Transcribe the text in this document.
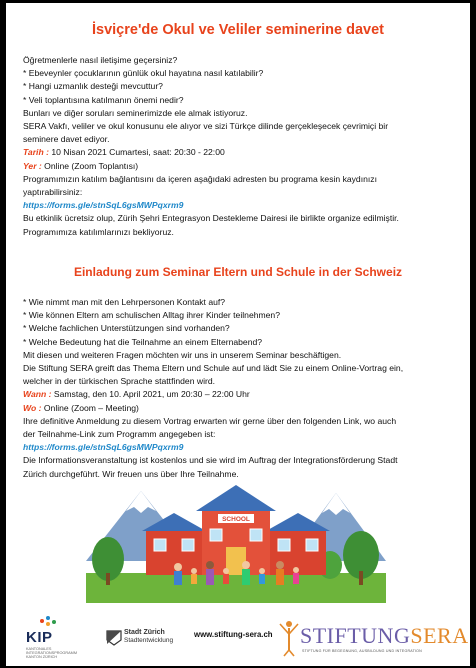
İsviçre'de Okul ve Veliler seminerine davet

Öğretmenlerle nasıl iletişime geçersiniz?

* Ebeveynler çocuklarının günlük okul hayatına nasıl katılabilir?

* Hangi uzmanlık desteği mevcuttur?

* Veli toplantısına katılmanın önemi nedir?

Bunları ve diğer soruları seminerimizde ele almak istiyoruz.

SERA Vakfı, veliler ve okul konusunu ele alıyor ve sizi Türkçe dilinde gerçekleşecek çevrimiçi bir

seminere davet ediyor.

Tarih : 10 Nisan 2021 Cumartesi, saat: 20:30 - 22:00

Yer : Online (Zoom Toplantısı)

Programımızın katılım bağlantısını da içeren aşağıdaki adresten bu programa kesin kaydınızı

yaptırabilirsiniz:

https://forms.gle/stnSqL6gsMWPqxrm9

Bu etkinlik ücretsiz olup, Zürih Şehri Entegrasyon Destekleme Dairesi ile birlikte organize edilmiştir.

Programımıza katılımlarınızı bekliyoruz.

Einladung zum Seminar Eltern und Schule in der Schweiz

* Wie nimmt man mit den Lehrpersonen Kontakt auf?

* Wie können Eltern am schulischen Alltag ihrer Kinder teilnehmen?

* Welche fachlichen Unterstützungen sind vorhanden?

* Welche Bedeutung hat die Teilnahme an einem Elternabend?

Mit diesen und weiteren Fragen möchten wir uns in unserem Seminar beschäftigen.

Die Stiftung SERA greift das Thema Eltern und Schule auf und lädt Sie zu einem Online-Vortrag ein,

welcher in der türkischen Sprache stattfinden wird.

Wann : Samstag, den 10. April 2021, um 20:30 – 22:00 Uhr

Wo : Online (Zoom – Meeting)

Ihre definitive Anmeldung zu diesem Vortrag erwarten wir gerne über den folgenden Link, wo auch

der Teilnahme-Link zum Programm angegeben ist:

https://forms.gle/stnSqL6gsMWPqxrm9

Die Informationsveranstaltung ist kostenlos und sie wird im Auftrag der Integrationsförderung Stadt

Zürich durchgeführt. Wir freuen uns über Ihre Teilnahme.

SCHOOL
KIP
KANTONALES INTEGRATIONSPROGRAMM KANTON ZÜRICH
Stadt Zürich
Stadtentwicklung
www.stiftung-sera.ch STIFTUNGSERA
STIFTUNG FÜR BEGEGNUNG, AUSBILDUNG UND INTEGRATION
